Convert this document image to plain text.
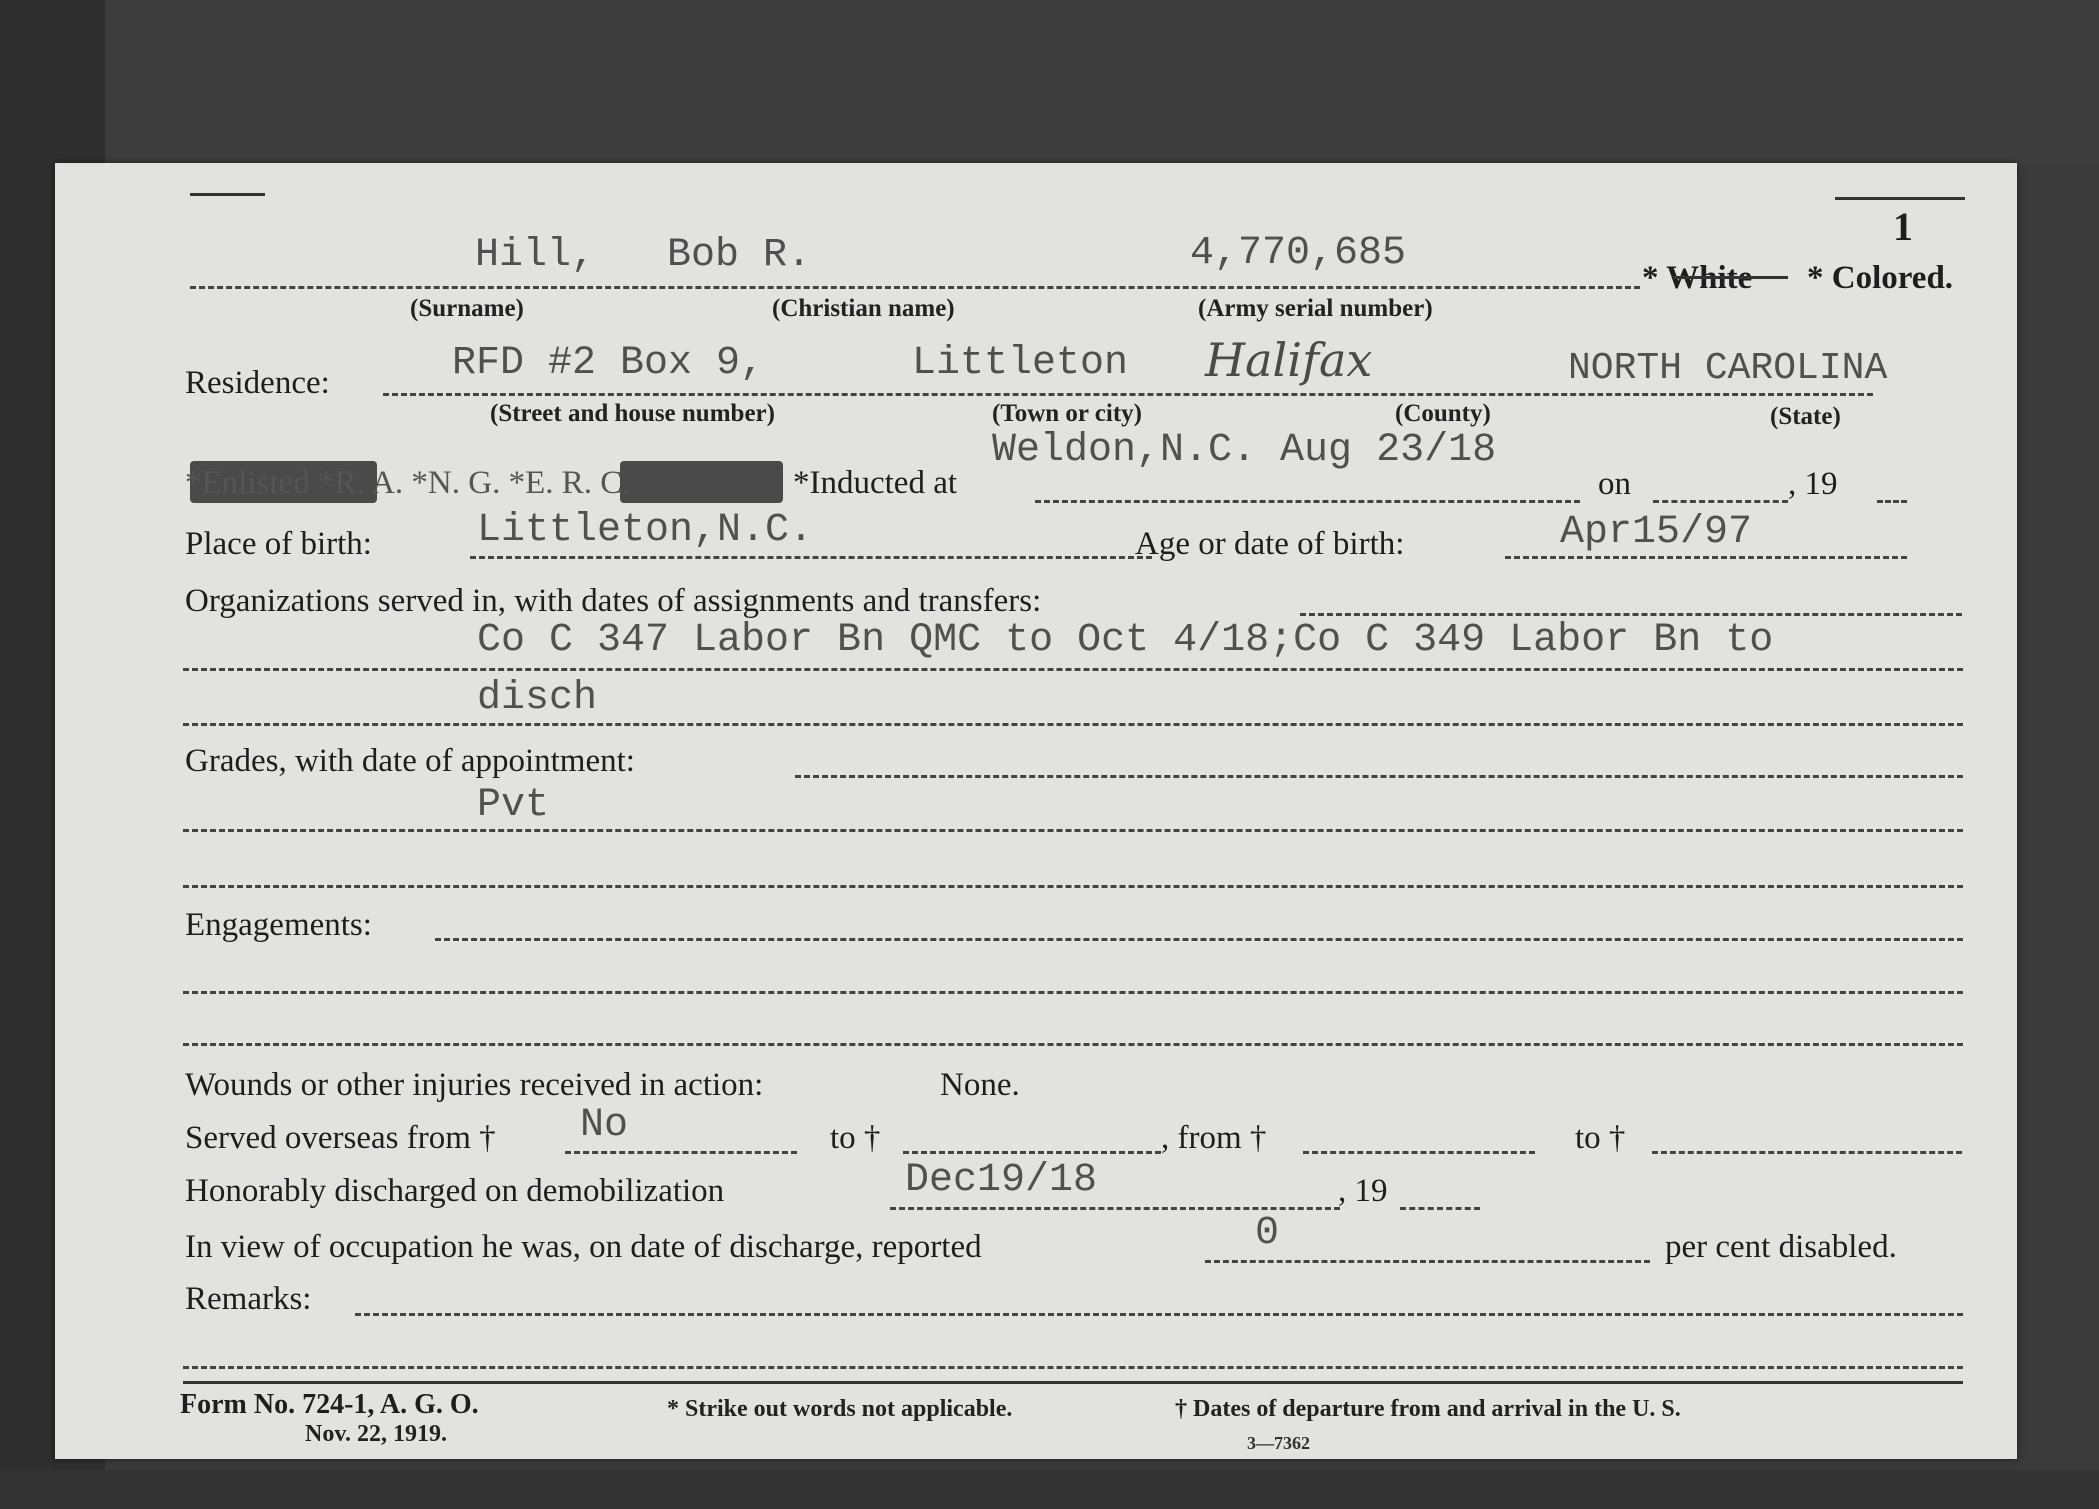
1
Hill, Bob R.	4,770,685
* White * Colored.
(Surname)	(Christian name)	(Army serial number)
Residence:	RFD #2 Box 9,	Littleton Halifax	NORTH CAROLINA
(Street and house number)	(Town or city)	(County)	(State)
Weldon,N.C. Aug 23/18
*Enlisted *R. A. *N. G. *E. R. C.	*Inducted at	on	, 19
Place of birth:	Littleton,N.C.	Age or date of birth:	Apr15/97
Organizations served in, with dates of assignments and transfers:
Co C 347 Labor Bn QMC to Oct 4/18;Co C 349 Labor Bn to
disch
Grades, with date of appointment:
Pvt
Engagements:
Wounds or other injuries received in action:	None.
Served overseas from † No	to †	, from †	to †
Honorably discharged on demobilization	Dec19/18	, 19
In view of occupation he was, on date of discharge, reported	0	per cent disabled.
Remarks:
Form No. 724-1, A. G. O.
Nov. 22, 1919.
* Strike out words not applicable.	† Dates of departure from and arrival in the U. S.
3—7362
